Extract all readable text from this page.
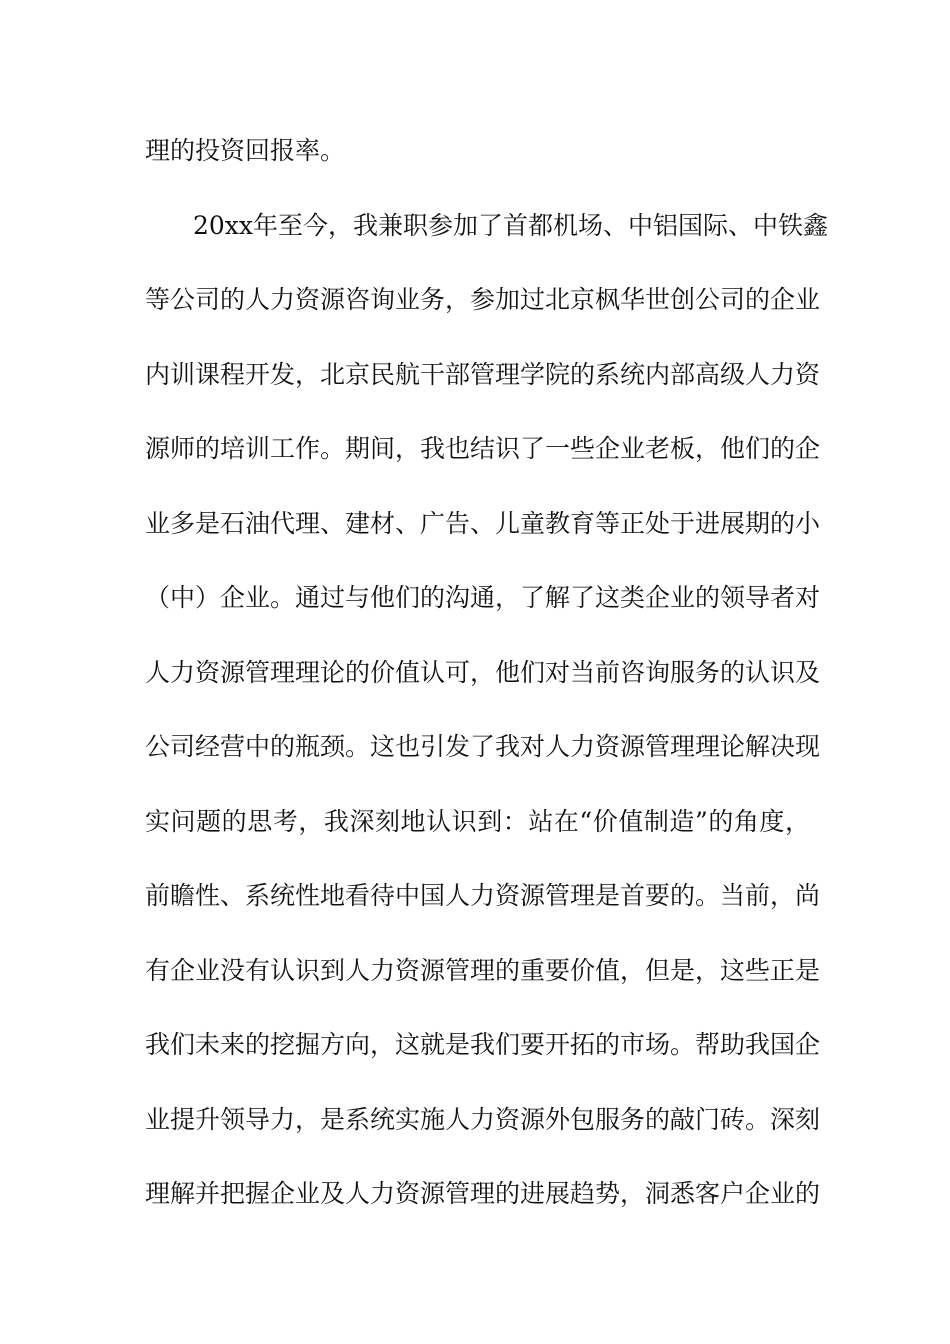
理的投资回报率。
20xx年至今，我兼职参加了首都机场、中铝国际、中铁鑫
等公司的人力资源咨询业务，参加过北京枫华世创公司的企业
内训课程开发，北京民航干部管理学院的系统内部高级人力资
源师的培训工作。期间，我也结识了一些企业老板，他们的企
业多是石油代理、建材、广告、儿童教育等正处于进展期的小
（中）企业。通过与他们的沟通，了解了这类企业的领导者对
人力资源管理理论的价值认可，他们对当前咨询服务的认识及
公司经营中的瓶颈。这也引发了我对人力资源管理理论解决现
实问题的思考，我深刻地认识到：站在“价值制造”的角度，
前瞻性、系统性地看待中国人力资源管理是首要的。当前，尚
有企业没有认识到人力资源管理的重要价值，但是，这些正是
我们未来的挖掘方向，这就是我们要开拓的市场。帮助我国企
业提升领导力，是系统实施人力资源外包服务的敲门砖。深刻
理解并把握企业及人力资源管理的进展趋势，洞悉客户企业的
